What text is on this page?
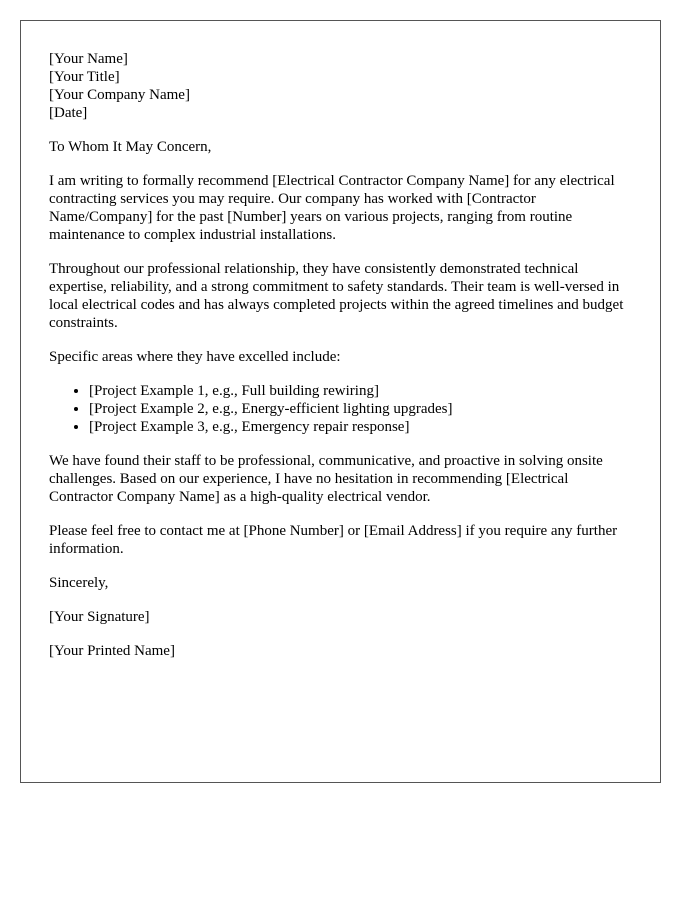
[Your Name]
[Your Title]
[Your Company Name]
[Date]

To Whom It May Concern,

I am writing to formally recommend [Electrical Contractor Company Name] for any electrical contracting services you may require. Our company has worked with [Contractor Name/Company] for the past [Number] years on various projects, ranging from routine maintenance to complex industrial installations.

Throughout our professional relationship, they have consistently demonstrated technical expertise, reliability, and a strong commitment to safety standards. Their team is well-versed in local electrical codes and has always completed projects within the agreed timelines and budget constraints.

Specific areas where they have excelled include:

• [Project Example 1, e.g., Full building rewiring]
• [Project Example 2, e.g., Energy-efficient lighting upgrades]
• [Project Example 3, e.g., Emergency repair response]

We have found their staff to be professional, communicative, and proactive in solving onsite challenges. Based on our experience, I have no hesitation in recommending [Electrical Contractor Company Name] as a high-quality electrical vendor.

Please feel free to contact me at [Phone Number] or [Email Address] if you require any further information.

Sincerely,

[Your Signature]

[Your Printed Name]
